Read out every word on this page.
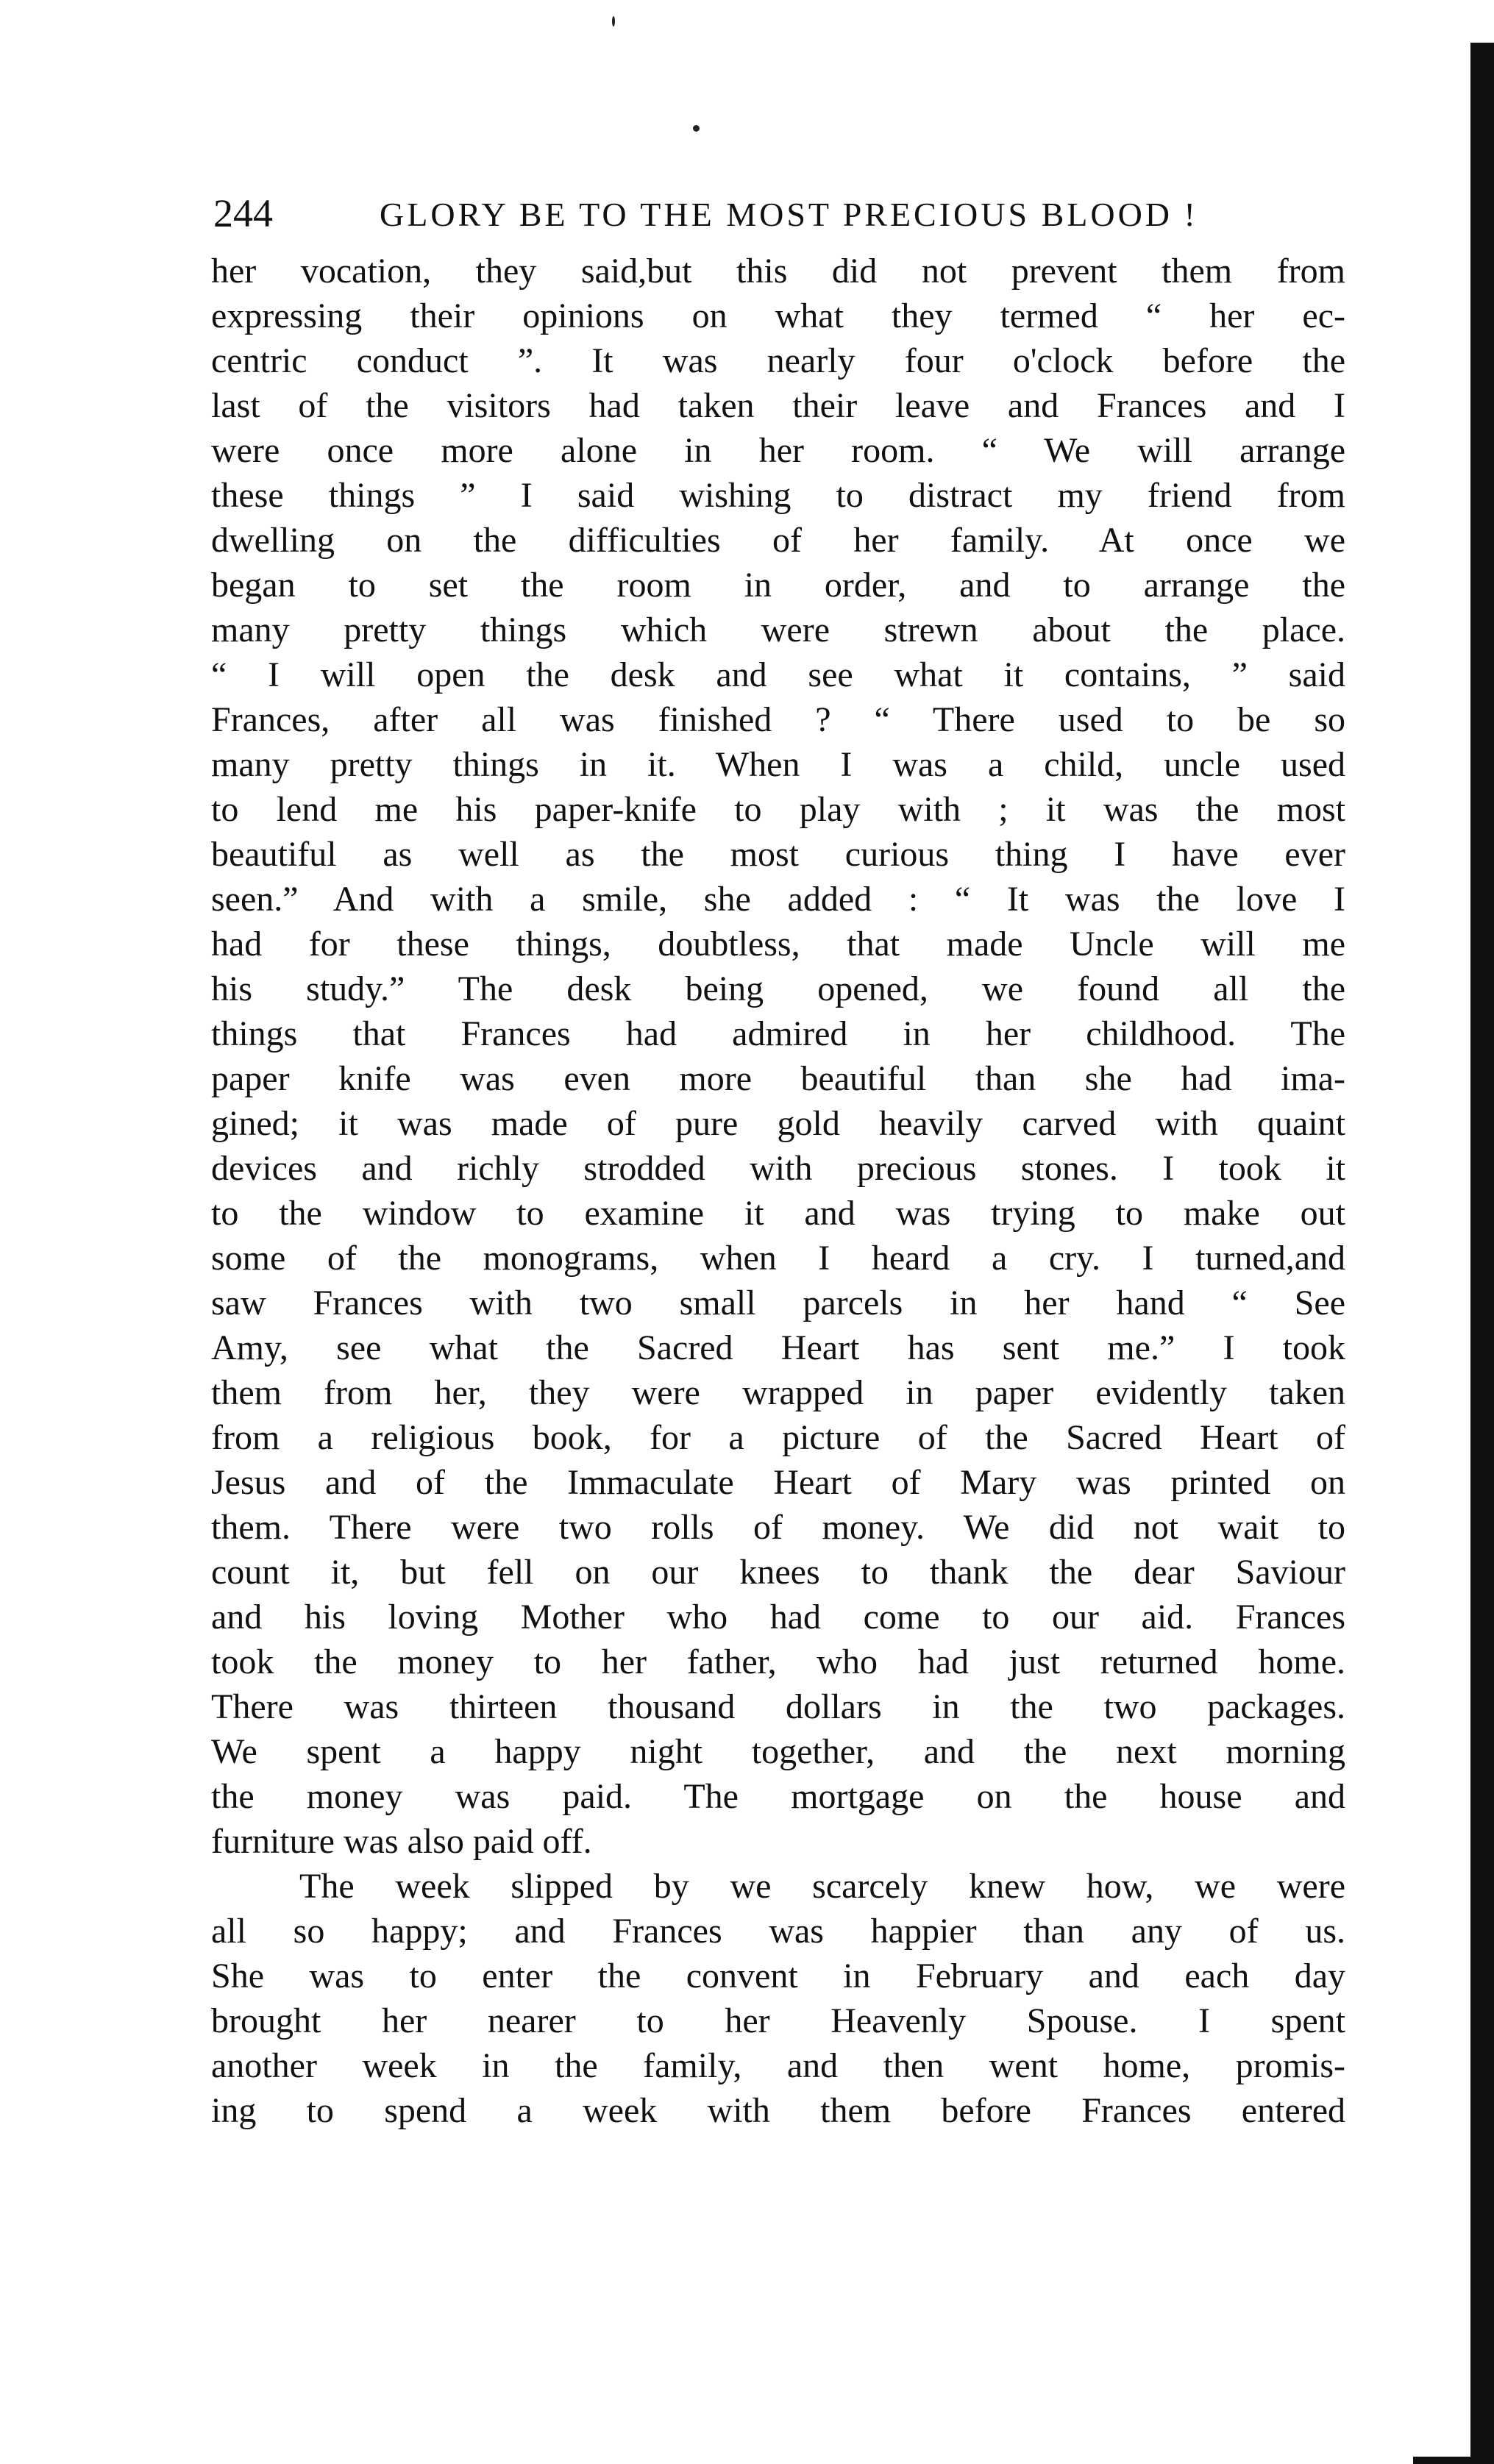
244	GLORY BE TO THE MOST PRECIOUS BLOOD !
her vocation, they said,but this did not prevent them from
expressing their opinions on what they termed “ her ec-
centric conduct ”. It was nearly four o'clock before the
last of the visitors had taken their leave and Frances and I
were once more alone in her room. “ We will arrange
these things ” I said wishing to distract my friend from
dwelling on the difficulties of her family. At once we
began to set the room in order, and to arrange the
many pretty things which were strewn about the place.
“ I will open the desk and see what it contains, ” said
Frances, after all was finished ? “ There used to be so
many pretty things in it. When I was a child, uncle used
to lend me his paper-knife to play with ; it was the most
beautiful as well as the most curious thing I have ever
seen.” And with a smile, she added : “ It was the love I
had for these things, doubtless, that made Uncle will me
his study.” The desk being opened, we found all the
things that Frances had admired in her childhood. The
paper knife was even more beautiful than she had ima-
gined; it was made of pure gold heavily carved with quaint
devices and richly strodded with precious stones. I took it
to the window to examine it and was trying to make out
some of the monograms, when I heard a cry. I turned,and
saw Frances with two small parcels in her hand “ See
Amy, see what the Sacred Heart has sent me.” I took
them from her, they were wrapped in paper evidently taken
from a religious book, for a picture of the Sacred Heart of
Jesus and of the Immaculate Heart of Mary was printed on
them. There were two rolls of money. We did not wait to
count it, but fell on our knees to thank the dear Saviour
and his loving Mother who had come to our aid. Frances
took the money to her father, who had just returned home.
There was thirteen thousand dollars in the two packages.
We spent a happy night together, and the next morning
the money was paid. The mortgage on the house and
furniture was also paid off.
The week slipped by we scarcely knew how, we were
all so happy; and Frances was happier than any of us.
She was to enter the convent in February and each day
brought her nearer to her Heavenly Spouse. I spent
another week in the family, and then went home, promis-
ing to spend a week with them before Frances entered
